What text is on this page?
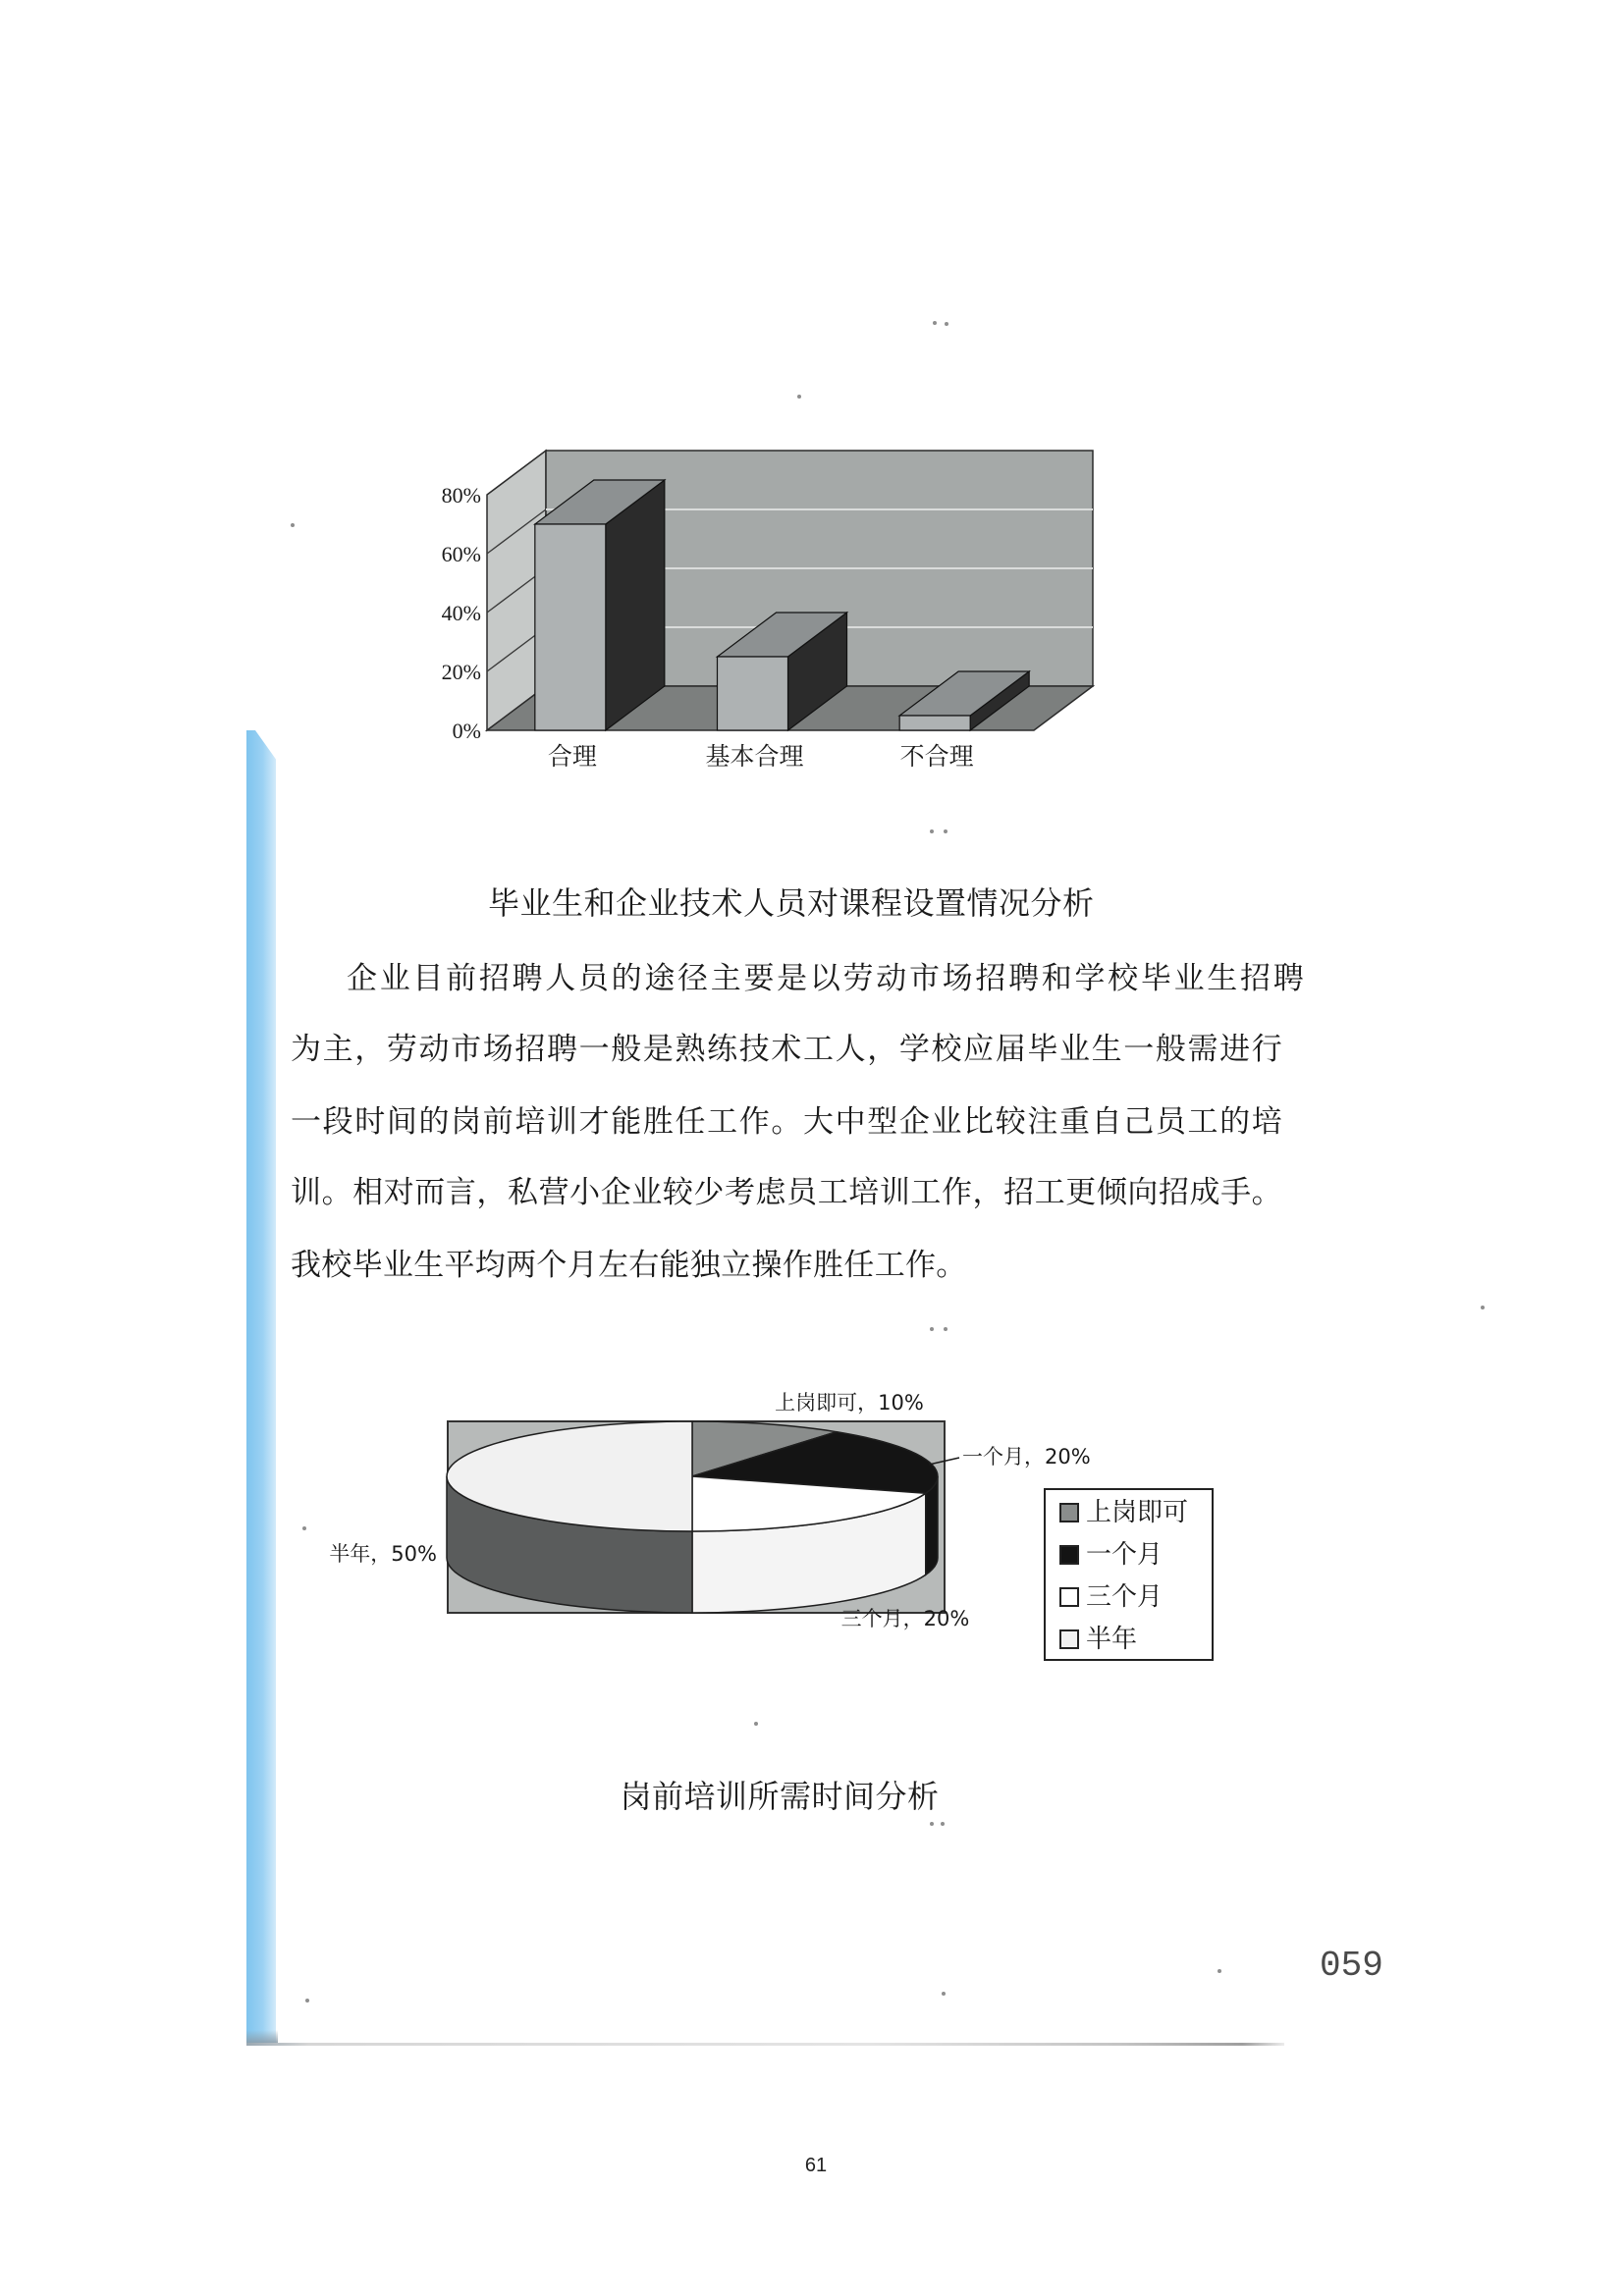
0%
20%
40%
60%
80%
合理	基本合理	不合理
毕业生和企业技术人员对课程设置情况分析
企业目前招聘人员的途径主要是以劳动市场招聘和学校毕业生招聘
为主，劳动市场招聘一般是熟练技术工人，学校应届毕业生一般需进行
一段时间的岗前培训才能胜任工作。大中型企业比较注重自己员工的培
训。相对而言，私营小企业较少考虑员工培训工作，招工更倾向招成手。
我校毕业生平均两个月左右能独立操作胜任工作。
上岗即可，10%
一个月，20%
三个月，20%
半年，50%
上岗即可
一个月
三个月
半年
岗前培训所需时间分析
059
61
